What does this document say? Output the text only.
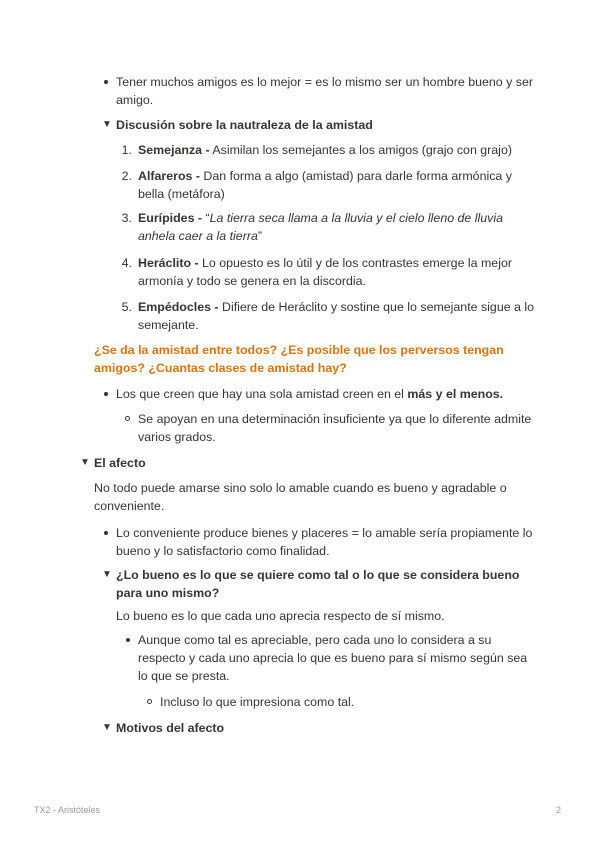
Tener muchos amigos es lo mejor = es lo mismo ser un hombre bueno y ser
amigo.
▼ Discusión sobre la nautraleza de la amistad
1. Semejanza - Asimilan los semejantes a los amigos (grajo con grajo)
2. Alfareros - Dan forma a algo (amistad) para darle forma armónica y
bella (metáfora)
3. Eurípides - “La tierra seca llama a la lluvia y el cielo lleno de lluvia
anhela caer a la tierra”
4. Heráclito - Lo opuesto es lo útil y de los contrastes emerge la mejor
armonía y todo se genera en la discordia.
5. Empédocles - Difiere de Heráclito y sostine que lo semejante sigue a lo
semejante.
¿Se da la amistad entre todos? ¿Es posible que los perversos tengan
amigos? ¿Cuantas clases de amistad hay?
Los que creen que hay una sola amistad creen en el más y el menos.
Se apoyan en una determinación insuficiente ya que lo diferente admite
varios grados.
▼ El afecto
No todo puede amarse sino solo lo amable cuando es bueno y agradable o
conveniente.
Lo conveniente produce bienes y placeres = lo amable sería propiamente lo
bueno y lo satisfactorio como finalidad.
▼ ¿Lo bueno es lo que se quiere como tal o lo que se considera bueno
para uno mismo?
Lo bueno es lo que cada uno aprecia respecto de sí mismo.
Aunque como tal es apreciable, pero cada uno lo considera a su
respecto y cada uno aprecia lo que es bueno para sí mismo según sea
lo que se presta.
Incluso lo que impresiona como tal.
▼ Motivos del afecto
TX2 - Aristóteles	2
